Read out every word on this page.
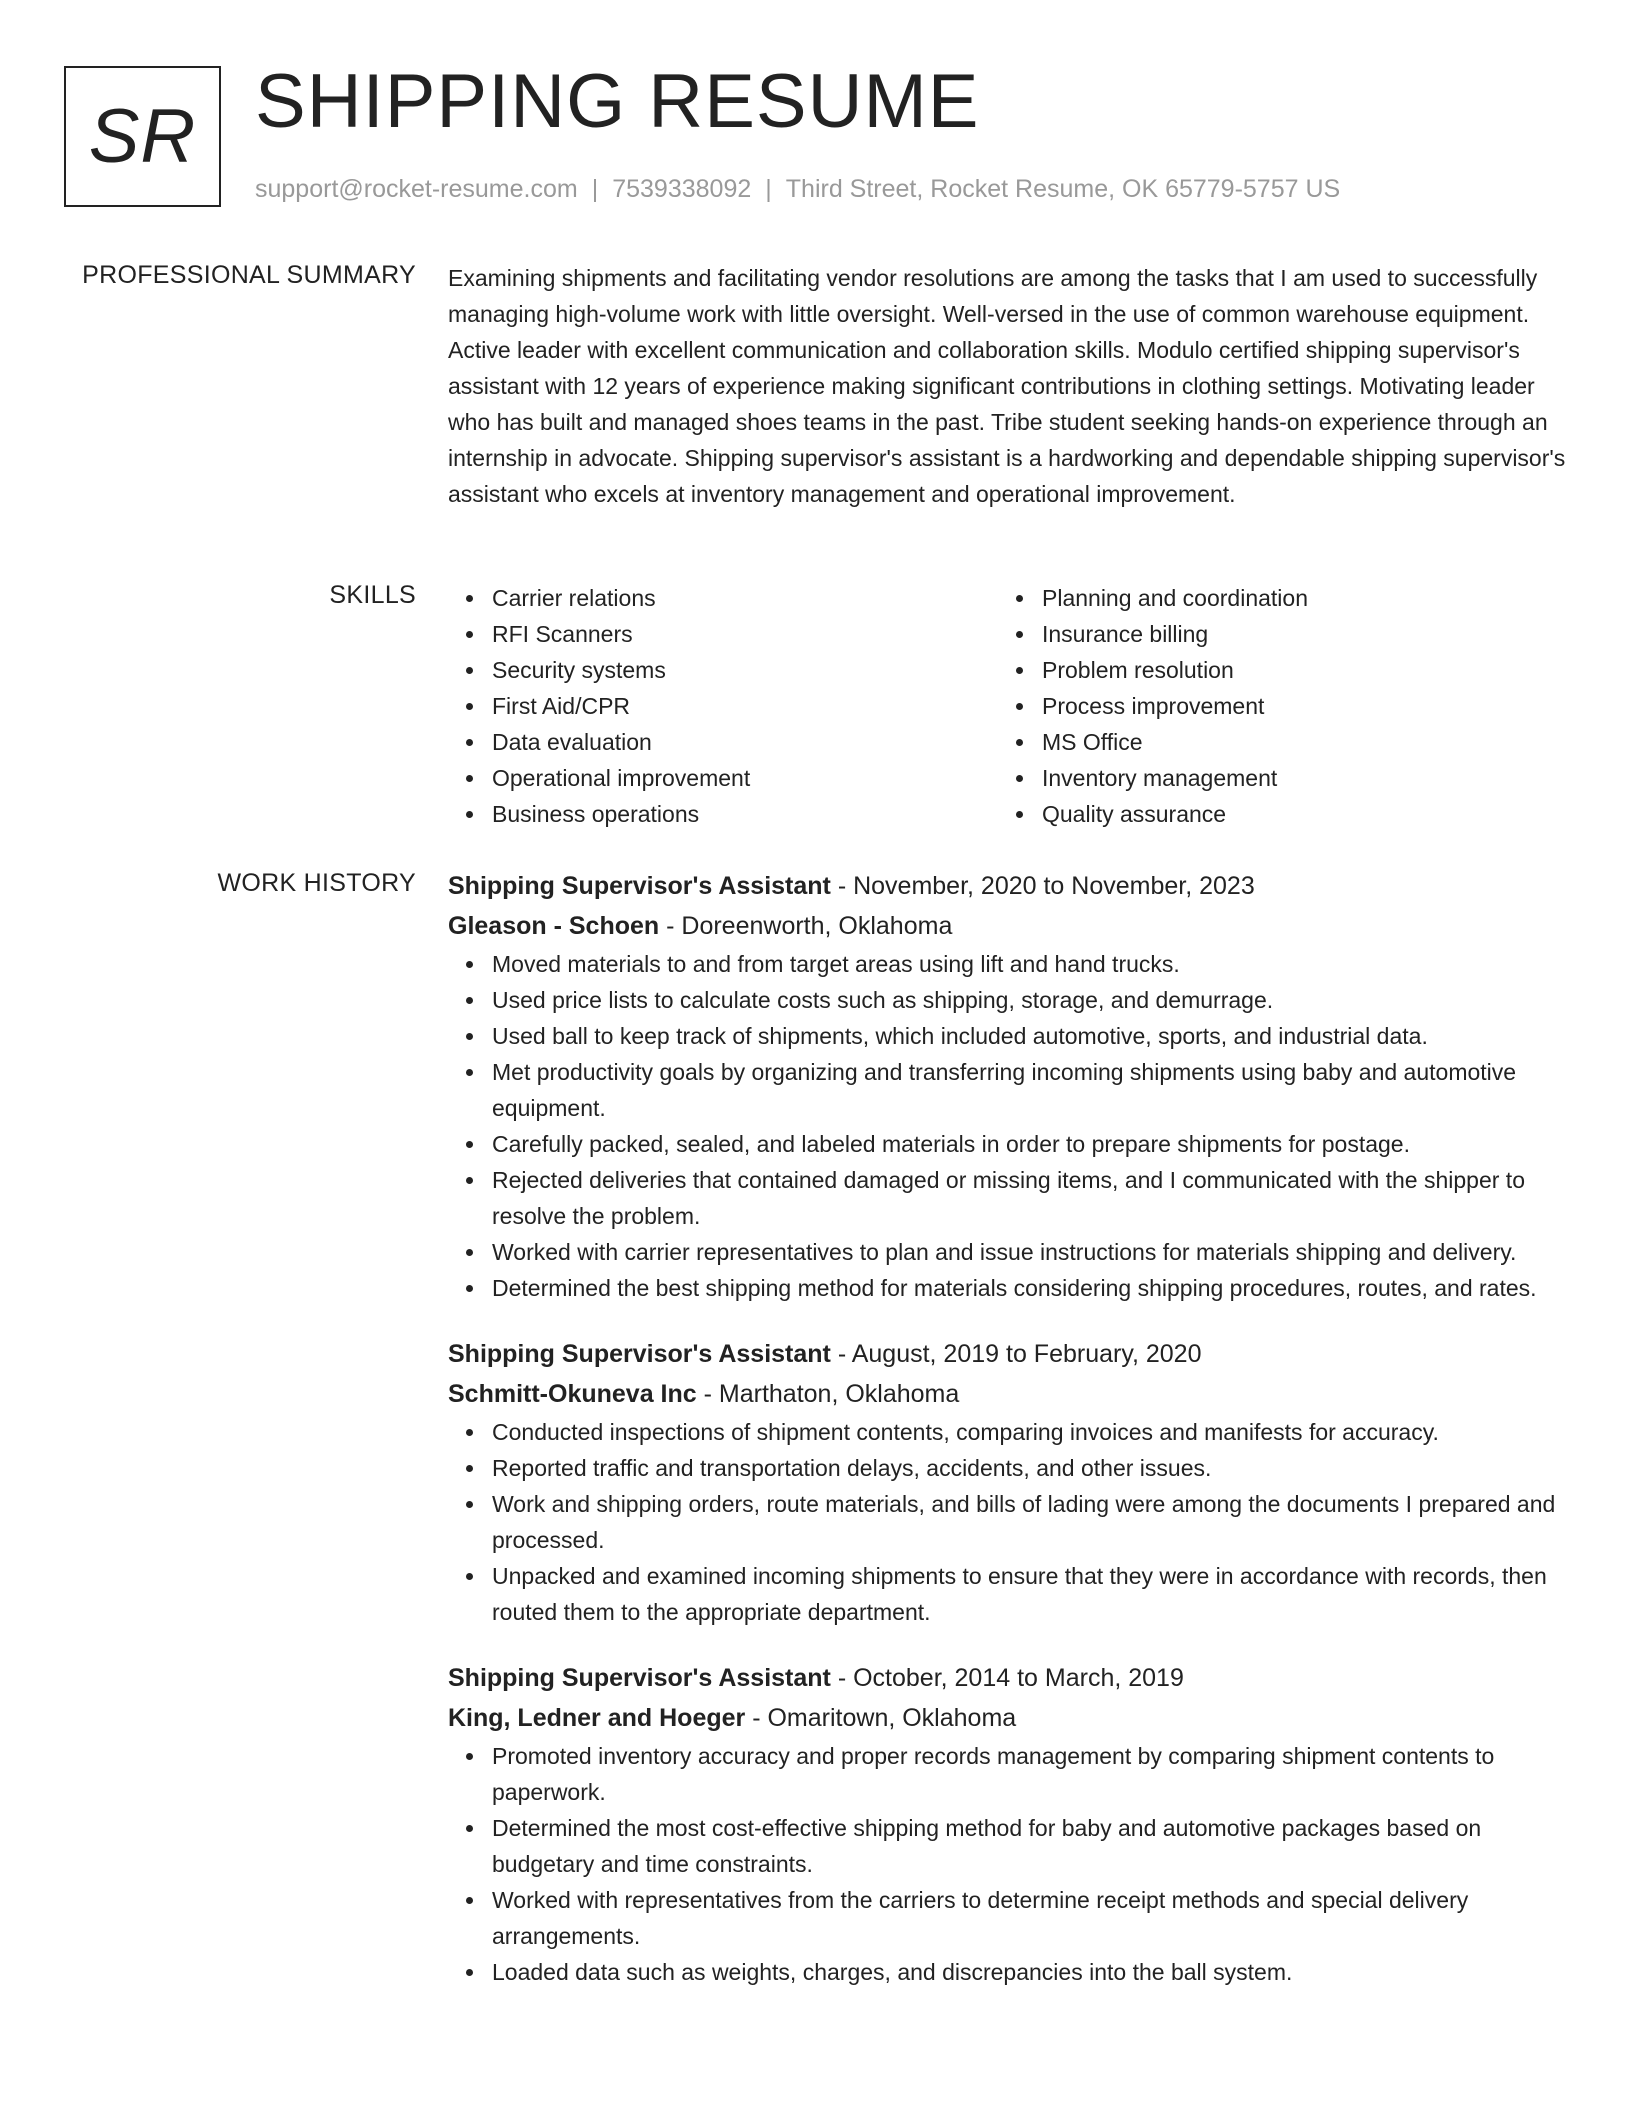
SR SHIPPING RESUME
support@rocket-resume.com | 7539338092 | Third Street, Rocket Resume, OK 65779-5757 US
PROFESSIONAL SUMMARY Examining shipments and facilitating vendor resolutions are among the tasks that I am used to successfully managing high-volume work with little oversight. Well-versed in the use of common warehouse equipment. Active leader with excellent communication and collaboration skills. Modulo certified shipping supervisor's assistant with 12 years of experience making significant contributions in clothing settings. Motivating leader who has built and managed shoes teams in the past. Tribe student seeking hands-on experience through an internship in advocate. Shipping supervisor's assistant is a hardworking and dependable shipping supervisor's assistant who excels at inventory management and operational improvement.

SKILLS	Carrier relations
RFI Scanners
Security systems
First Aid/CPR
Data evaluation
Operational improvement
Business operations
Planning and coordination
Insurance billing
Problem resolution
Process improvement
MS Office
Inventory management
Quality assurance
WORK HISTORY Shipping Supervisor's Assistant - November, 2020 to November, 2023
Gleason - Schoen - Doreenworth, Oklahoma
Moved materials to and from target areas using lift and hand trucks.
Used price lists to calculate costs such as shipping, storage, and demurrage.
Used ball to keep track of shipments, which included automotive, sports, and industrial data.
Met productivity goals by organizing and transferring incoming shipments using baby and automotive equipment.
Carefully packed, sealed, and labeled materials in order to prepare shipments for postage.
Rejected deliveries that contained damaged or missing items, and I communicated with the shipper to resolve the problem.
Worked with carrier representatives to plan and issue instructions for materials shipping and delivery.
Determined the best shipping method for materials considering shipping procedures, routes, and rates.
Shipping Supervisor's Assistant - August, 2019 to February, 2020
Schmitt-Okuneva Inc - Marthaton, Oklahoma
Conducted inspections of shipment contents, comparing invoices and manifests for accuracy.
Reported traffic and transportation delays, accidents, and other issues.
Work and shipping orders, route materials, and bills of lading were among the documents I prepared and processed.
Unpacked and examined incoming shipments to ensure that they were in accordance with records, then routed them to the appropriate department.
Shipping Supervisor's Assistant - October, 2014 to March, 2019
King, Ledner and Hoeger - Omaritown, Oklahoma
Promoted inventory accuracy and proper records management by comparing shipment contents to paperwork.
Determined the most cost-effective shipping method for baby and automotive packages based on budgetary and time constraints.
Worked with representatives from the carriers to determine receipt methods and special delivery arrangements.
Loaded data such as weights, charges, and discrepancies into the ball system.
